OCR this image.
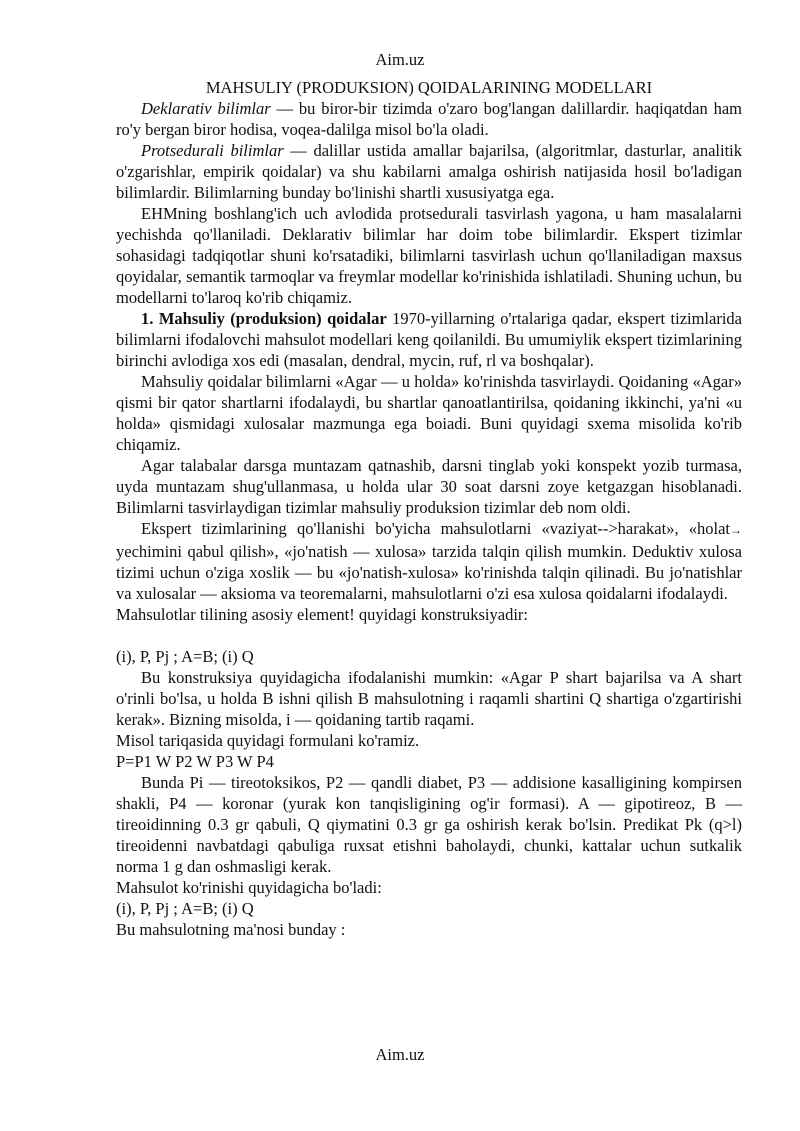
Aim.uz

MAHSULIY (PRODUKSION) QOIDALARINING MODELLARI

Deklarativ bilimlar — bu biror-bir tizimda o'zaro bog'langan dalillardir. haqiqatdan ham ro'y bergan biror hodisa, voqea-dalilga misol bo'la oladi.

Protsedurali bilimlar — dalillar ustida amallar bajarilsa, (algoritmlar, dasturlar, analitik o'zgarishlar, empirik qoidalar) va shu kabilarni amalga oshirish natijasida hosil bo'ladigan bilimlardir. Bilimlarning bunday bo'linishi shartli xususiyatga ega.

EHMning boshlang'ich uch avlodida protsedurali tasvirlash yagona, u ham masalalarni yechishda qo'llaniladi. Deklarativ bilimlar har doim tobe bilimlardir. Ekspert tizimlar sohasidagi tadqiqotlar shuni ko'rsatadiki, bilimlarni tasvirlash uchun qo'llaniladigan maxsus qoyidalar, semantik tarmoqlar va freymlar modellar ko'rinishida ishlatiladi. Shuning uchun, bu modellarni to'laroq ko'rib chiqamiz.

1. Mahsuliy (produksion) qoidalar 1970-yillarning o'rtalariga qadar, ekspert tizimlarida bilimlarni ifodalovchi mahsulot modellari keng qoilanildi. Bu umumiylik ekspert tizimlarining birinchi avlodiga xos edi (masalan, dendral, mycin, ruf, rl va boshqalar).

Mahsuliy qoidalar bilimlarni «Agar — u holda» ko'rinishda tasvirlaydi. Qoidaning «Agar» qismi bir qator shartlarni ifodalaydi, bu shartlar qanoatlantirilsa, qoidaning ikkinchi, ya'ni «u holda» qismidagi xulosalar mazmunga ega boiadi. Buni quyidagi sxema misolida ko'rib chiqamiz.

Agar talabalar darsga muntazam qatnashib, darsni tinglab yoki konspekt yozib turmasa, uyda muntazam shug'ullanmasa, u holda ular 30 soat darsni zoye ketgazgan hisoblanadi. Bilimlarni tasvirlaydigan tizimlar mahsuliy produksion tizimlar deb nom oldi.

Ekspert tizimlarining qo'llanishi bo'yicha mahsulotlarni «vaziyat-->harakat», «holat→ yechimini qabul qilish», «jo'natish — xulosa» tarzida talqin qilish mumkin. Deduktiv xulosa tizimi uchun o'ziga xoslik — bu «jo'natish-xulosa» ko'rinishda talqin qilinadi. Bu jo'natishlar va xulosalar — aksioma va teoremalarni, mahsulotlarni o'zi esa xulosa qoidalarni ifodalaydi.

Mahsulotlar tilining asosiy element! quyidagi konstruksiyadir:

(i), P, Pj ; A=B; (i) Q

Bu konstruksiya quyidagicha ifodalanishi mumkin: «Agar P shart bajarilsa va A shart o'rinli bo'lsa, u holda B ishni qilish B mahsulotning i raqamli shartini Q shartiga o'zgartirishi kerak». Bizning misolda, i — qoidaning tartib raqami.

Misol tariqasida quyidagi formulani ko'ramiz.

P=P1 W P2 W P3 W P4

Bunda Pi — tireotoksikos, P2 — qandli diabet, P3 — addisione kasalligining kompirsen shakli, P4 — koronar (yurak kon tanqisligining og'ir formasi). A — gipotireoz, B — tireoidinning 0.3 gr qabuli, Q qiymatini 0.3 gr ga oshirish kerak bo'lsin. Predikat Pk (q>l) tireoidenni navbatdagi qabuliga ruxsat etishni baholaydi, chunki, kattalar uchun sutkalik norma 1 g dan oshmasligi kerak.

Mahsulot ko'rinishi quyidagicha bo'ladi:

(i), P, Pj ; A=B; (i) Q

Bu mahsulotning ma'nosi bunday :

Aim.uz
